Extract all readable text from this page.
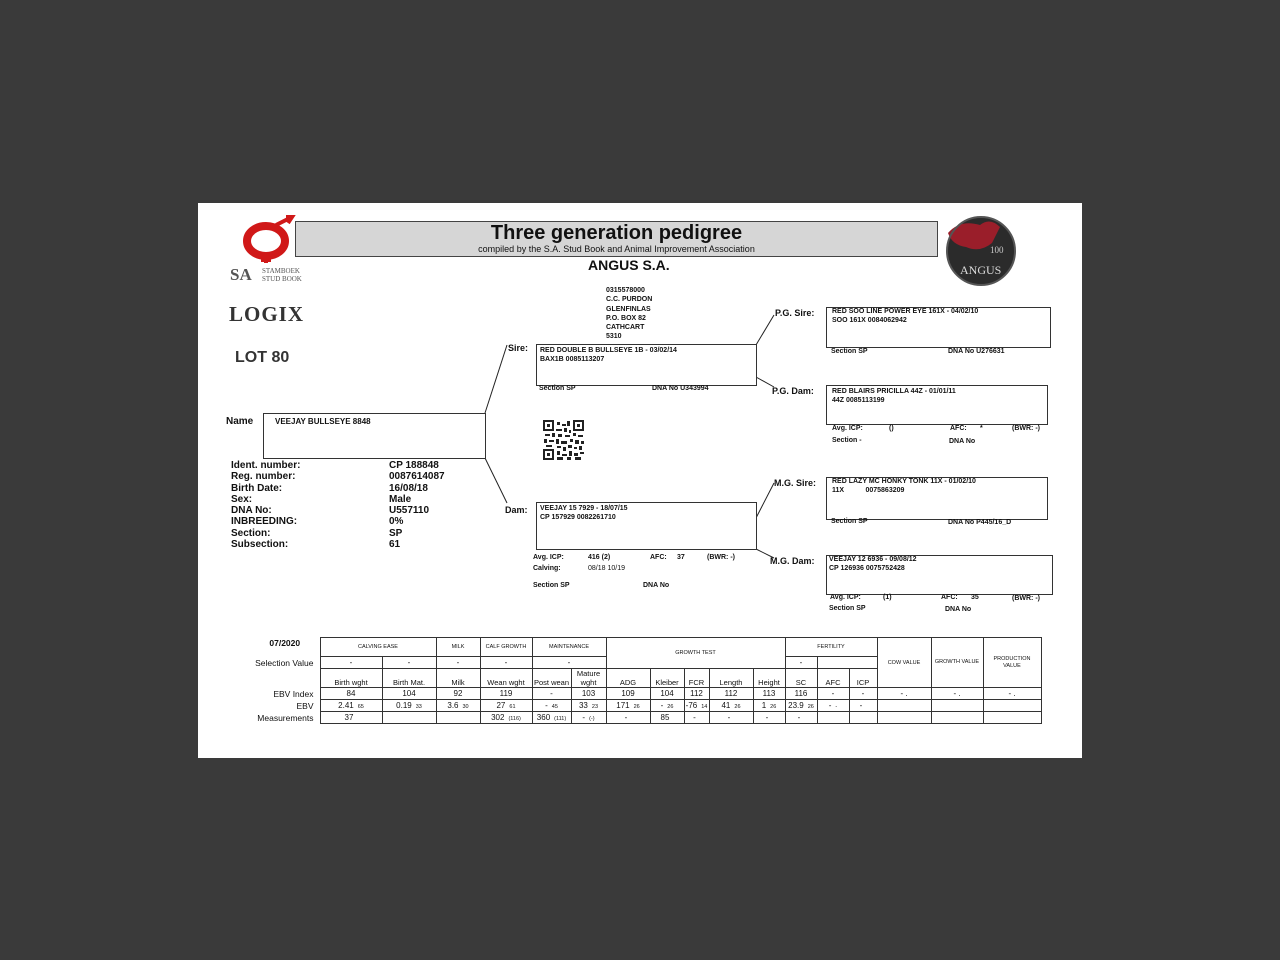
SA STAMBOEK
STUD BOOK
Three generation pedigree
compiled by the S.A. Stud Book and Animal Improvement Association
ANGUS S.A.
100
ANGUS
LOGIX
LOT 80
0315578000
C.C. PURDON
GLENFINLAS
P.O. BOX 82
CATHCART
5310
Name	VEEJAY BULLSEYE 8848
Ident. number:	CP 188848
Reg. number:	0087614087
Birth Date:	16/08/18
Sex:	Male
DNA No:	U557110
INBREEDING:	0%
Section:	SP
Subsection:	61
Sire: RED DOUBLE B BULLSEYE 1B - 03/02/14
BAX1B 0085113207
Section SP	DNA No U343994
Dam: VEEJAY 15 7929 - 18/07/15
CP 157929 0082261710
Avg. ICP:	416 (2)	AFC: 37	(BWR: -)
Calving:	08/18 10/19
Section SP	DNA No
P.G. Sire:	RED SOO LINE POWER EYE 161X - 04/02/10
SOO 161X 0084062942
Section SP	DNA No U276631
P.G. Dam:	RED BLAIRS PRICILLA 44Z - 01/01/11
44Z 0085113199
Avg. ICP:	()	AFC: *	(BWR: -)
Section -	DNA No
M.G. Sire: RED LAZY MC HONKY TONK 11X - 01/02/10
11X           0075863209
Section SP	DNA No P445/16_D
M.G. Dam: VEEJAY 12 6936 - 09/08/12
CP 126936 0075752428
Avg. ICP:	(1)	AFC: 35	(BWR: -)
Section SP	DNA No
07/2020	CALVING EASE		MILK	CALF GROWTH	MAINTENANCE		GROWTH TEST					FERTILITY			COW VALUE	GROWTH VALUE	PRODUCTION VALUE
Selection Value	-	-	-	-	-							-					
	Birth wght	Birth Mat.	Milk	Wean wght	Post wean	Mature wght	ADG	Kleiber	FCR	Length	Height	SC	AFC	ICP			
EBV Index	84	104	92	119	-	103	109	104	112	112	113	116	-	-	- .	- .	- .
EBV	2.41 65	0.19 33	3.6 30	27 61	- 45	33 23	171 26	- 26	-76 14	41 26	1 26	23.9 26	- -	-			
Measurements	37			302 (116)	360 (111)	- (-)	-	85	-	-	-	-					
